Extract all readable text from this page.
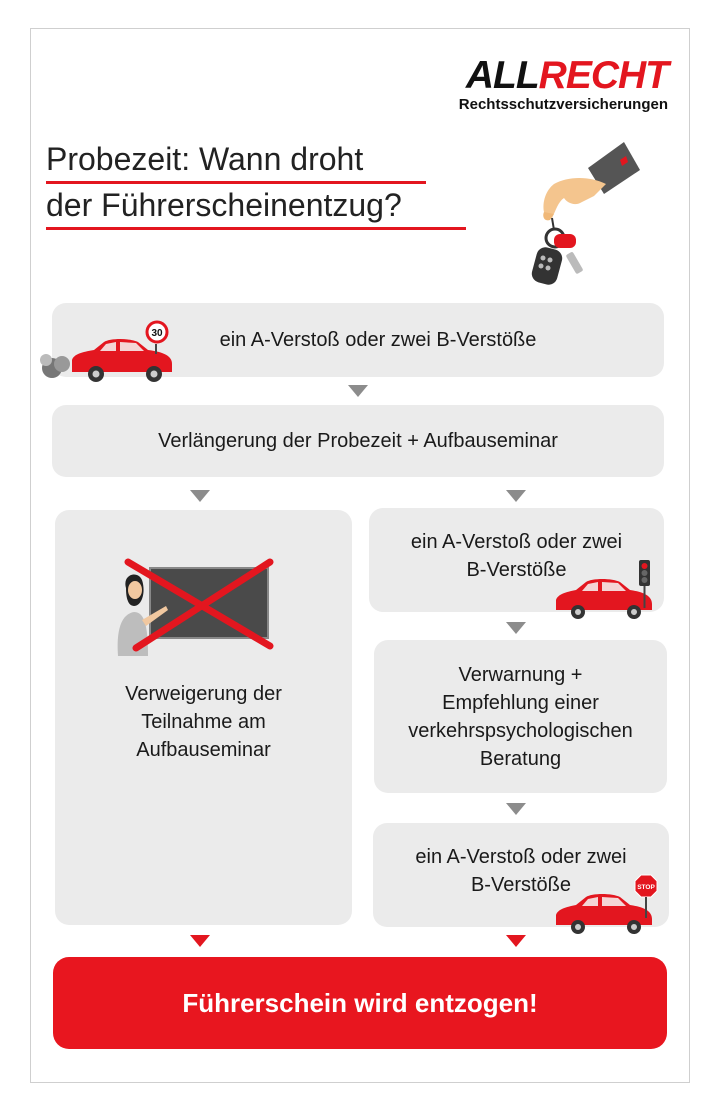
ALLRECHT
Rechtsschutzversicherungen
Probezeit: Wann droht
der Führerscheinentzug?
ein A-Verstoß oder zwei B-Verstöße
30
Verlängerung der Probezeit + Aufbauseminar
Verweigerung der
Teilnahme am
Aufbauseminar
ein A-Verstoß oder zwei
B-Verstöße
Verwarnung +
Empfehlung einer
verkehrspsychologischen
Beratung
ein A-Verstoß oder zwei
B-Verstöße	STOP
Führerschein wird entzogen!
